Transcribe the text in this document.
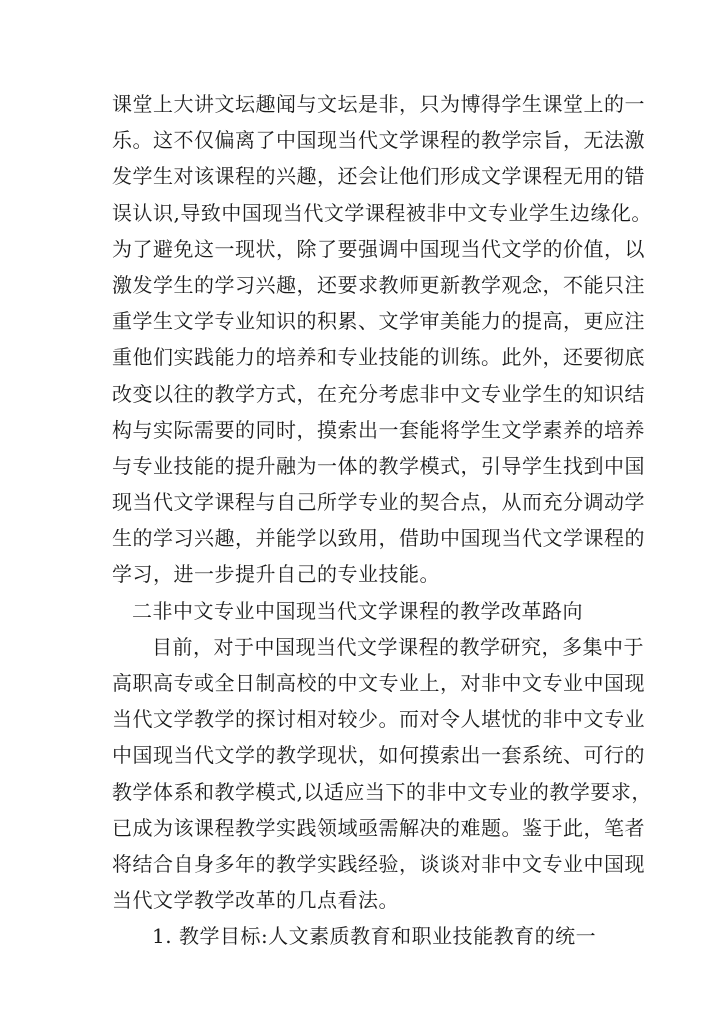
课堂上大讲文坛趣闻与文坛是非，只为博得学生课堂上的一
乐。这不仅偏离了中国现当代文学课程的教学宗旨，无法激
发学生对该课程的兴趣，还会让他们形成文学课程无用的错
误认识,导致中国现当代文学课程被非中文专业学生边缘化。
为了避免这一现状，除了要强调中国现当代文学的价值，以
激发学生的学习兴趣，还要求教师更新教学观念，不能只注
重学生文学专业知识的积累、文学审美能力的提高，更应注
重他们实践能力的培养和专业技能的训练。此外，还要彻底
改变以往的教学方式，在充分考虑非中文专业学生的知识结
构与实际需要的同时，摸索出一套能将学生文学素养的培养
与专业技能的提升融为一体的教学模式，引导学生找到中国
现当代文学课程与自己所学专业的契合点，从而充分调动学
生的学习兴趣，并能学以致用，借助中国现当代文学课程的
学习，进一步提升自己的专业技能。
二非中文专业中国现当代文学课程的教学改革路向
目前，对于中国现当代文学课程的教学研究，多集中于
高职高专或全日制高校的中文专业上，对非中文专业中国现
当代文学教学的探讨相对较少。而对令人堪忧的非中文专业
中国现当代文学的教学现状，如何摸索出一套系统、可行的
教学体系和教学模式,以适应当下的非中文专业的教学要求，
已成为该课程教学实践领域亟需解决的难题。鉴于此，笔者
将结合自身多年的教学实践经验，谈谈对非中文专业中国现
当代文学教学改革的几点看法。
1. 教学目标:人文素质教育和职业技能教育的统一
